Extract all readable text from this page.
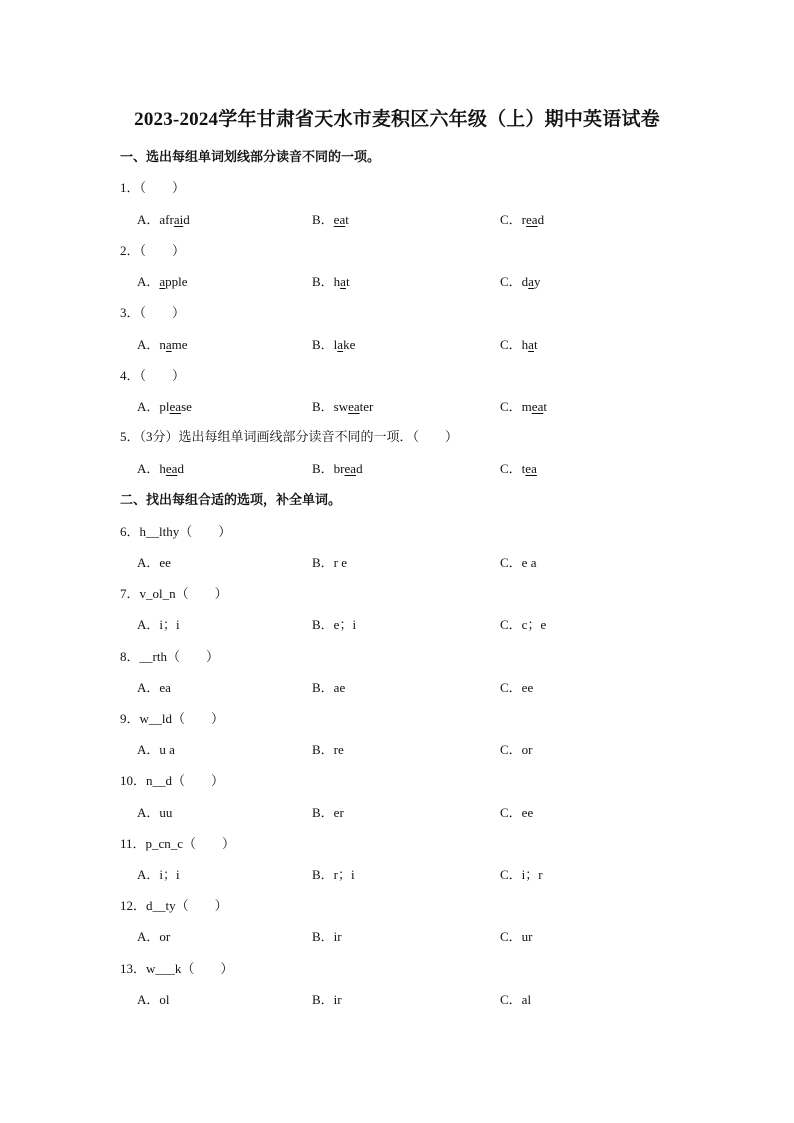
2023-2024学年甘肃省天水市麦积区六年级（上）期中英语试卷
一、选出每组单词划线部分读音不同的一项。
1．（　　）
A．afraid	B．eat	C．read
2．（　　）
A．apple	B．hat	C．day
3．（　　）
A．name	B．lake	C．hat
4．（　　）
A．please	B．sweater	C．meat
5．（3分）选出每组单词画线部分读音不同的一项．（　　）
A．head	B．bread	C．tea
二、找出每组合适的选项，补全单词。
6．h__lthy（　　）
A．ee	B．r e	C．e a
7．v_ol_n（　　）
A．i；i	B．e；i	C．c；e
8．__rth（　　）
A．ea	B．ae	C．ee
9．w__ld（　　）
A．u a	B．re	C．or
10．n__d（　　）
A．uu	B．er	C．ee
11．p_cn_c（　　）
A．i；i	B．r；i	C．i；r
12．d__ty（　　）
A．or	B．ir	C．ur
13．w___k（　　）
A．ol	B．ir	C．al
